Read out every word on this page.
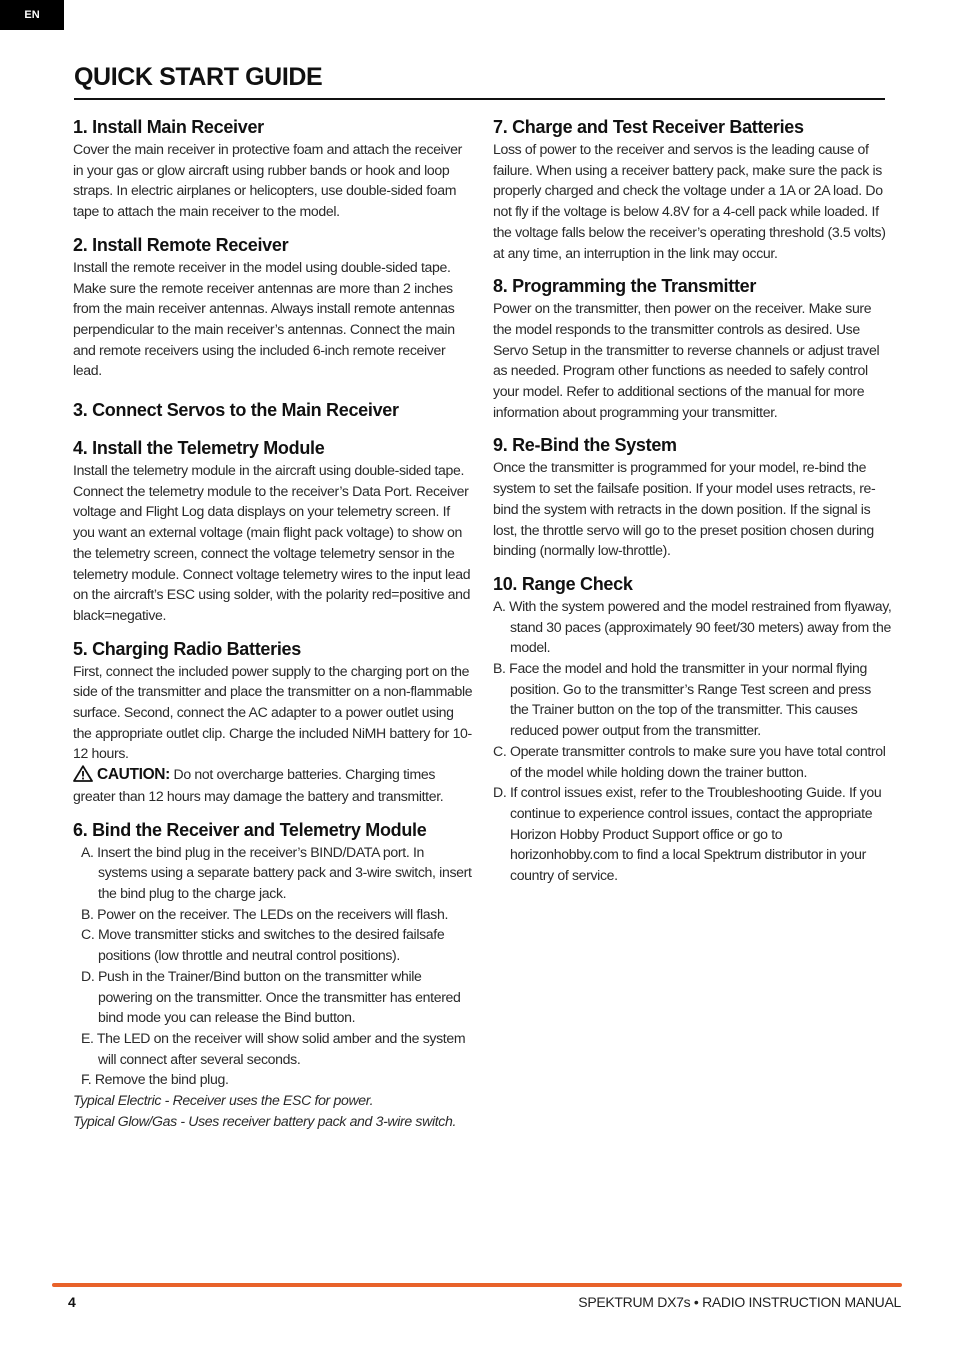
EN
QUICK START GUIDE
1. Install Main Receiver

Cover the main receiver in protective foam and attach the receiver in your gas or glow aircraft using rubber bands or hook and loop straps. In electric airplanes or helicopters, use double-sided foam tape to attach the main receiver to the model.

2. Install Remote Receiver

Install the remote receiver in the model using double-sided tape. Make sure the remote receiver antennas are more than 2 inches from the main receiver antennas. Always install remote antennas perpendicular to the main receiver’s antennas. Connect the main and remote receivers using the included 6-inch remote receiver lead.

3. Connect Servos to the Main Receiver
4. Install the Telemetry Module

Install the telemetry module in the aircraft using double-sided tape. Connect the telemetry module to the receiver’s Data Port. Receiver voltage and Flight Log data displays on your telemetry screen. If you want an external voltage (main flight pack voltage) to show on the telemetry screen, connect the voltage telemetry sensor in the telemetry module. Connect voltage telemetry wires to the input lead on the aircraft’s ESC using solder, with the polarity red=positive and black=negative.

5. Charging Radio Batteries

First, connect the included power supply to the charging port on the side of the transmitter and place the transmitter on a non-flammable surface. Second, connect the AC adapter to a power outlet using the appropriate outlet clip. Charge the included NiMH battery for 10-12 hours.

CAUTION: Do not overcharge batteries. Charging times greater than 12 hours may damage the battery and transmitter.

6. Bind the Receiver and Telemetry Module
A. Insert the bind plug in the receiver’s BIND/DATA port. In systems using a separate battery pack and 3-wire switch, insert the bind plug to the charge jack.
B. Power on the receiver. The LEDs on the receivers will flash.
C. Move transmitter sticks and switches to the desired failsafe positions (low throttle and neutral control positions).
D. Push in the Trainer/Bind button on the transmitter while powering on the transmitter. Once the transmitter has entered bind mode you can release the Bind button.
E. The LED on the receiver will show solid amber and the system will connect after several seconds.
F. Remove the bind plug.

Typical Electric - Receiver uses the ESC for power.

Typical Glow/Gas - Uses receiver battery pack and 3-wire switch.

7. Charge and Test Receiver Batteries

Loss of power to the receiver and servos is the leading cause of failure. When using a receiver battery pack, make sure the pack is properly charged and check the voltage under a 1A or 2A load. Do not fly if the voltage is below 4.8V for a 4-cell pack while loaded. If the voltage falls below the receiver’s operating threshold (3.5 volts) at any time, an interruption in the link may occur.

8. Programming the Transmitter

Power on the transmitter, then power on the receiver. Make sure the model responds to the transmitter controls as desired. Use Servo Setup in the transmitter to reverse channels or adjust travel as needed. Program other functions as needed to safely control your model. Refer to additional sections of the manual for more information about programming your transmitter.

9. Re-Bind the System

Once the transmitter is programmed for your model, re-bind the system to set the failsafe position. If your model uses retracts, re-bind the system with retracts in the down position. If the signal is lost, the throttle servo will go to the preset position chosen during binding (normally low-throttle).

10. Range Check
A. With the system powered and the model restrained from flyaway, stand 30 paces (approximately 90 feet/30 meters) away from the model.
B. Face the model and hold the transmitter in your normal flying position. Go to the transmitter’s Range Test screen and press the Trainer button on the top of the transmitter. This causes reduced power output from the transmitter.
C. Operate transmitter controls to make sure you have total control of the model while holding down the trainer button.
D. If control issues exist, refer to the Troubleshooting Guide. If you continue to experience control issues, contact the appropriate Horizon Hobby Product Support office or go to horizonhobby.com to find a local Spektrum distributor in your country of service.
4	SPEKTRUM DX7s • RADIO INSTRUCTION MANUAL
